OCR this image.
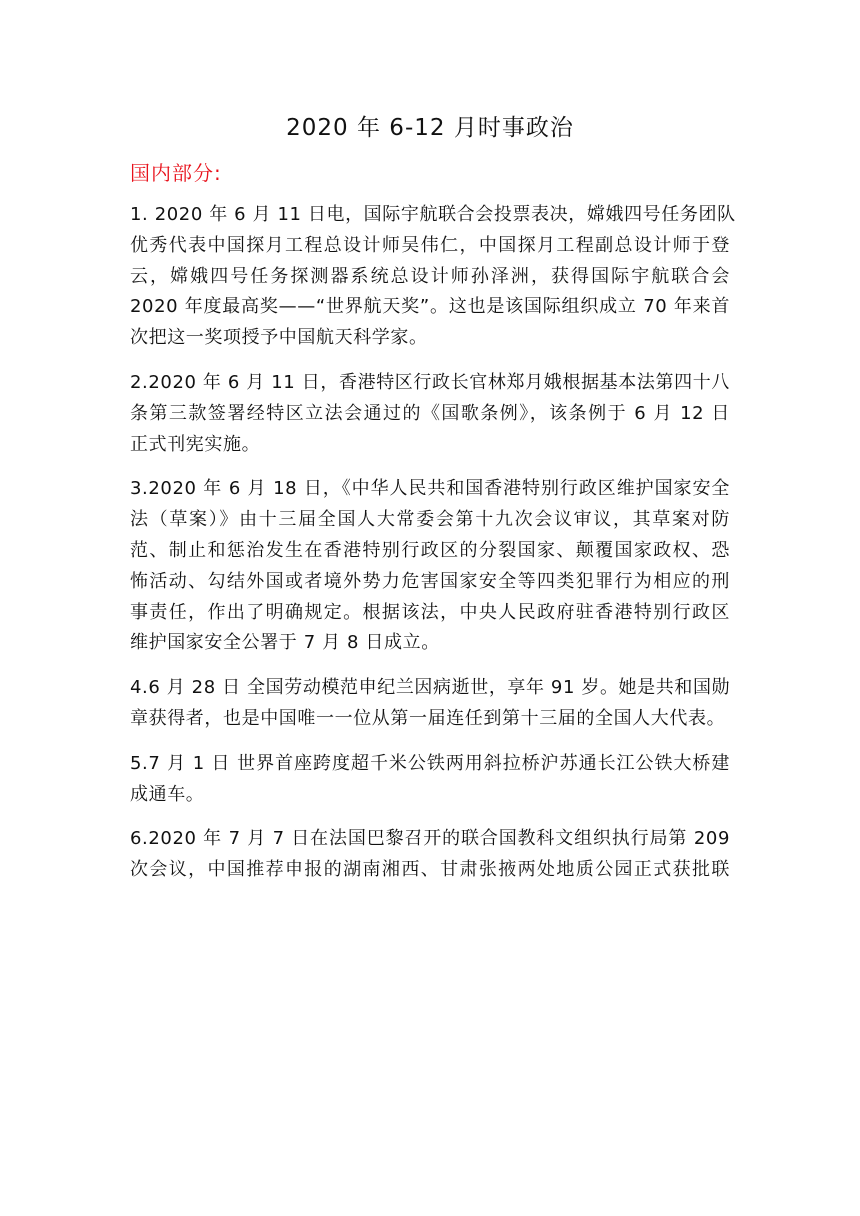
2020 年 6-12 月时事政治
国内部分:

1. 2020 年 6 月 11 日电，国际宇航联合会投票表决，嫦娥四号任务团队
优秀代表中国探月工程总设计师吴伟仁，中国探月工程副总设计师于登
云，嫦娥四号任务探测器系统总设计师孙泽洲，获得国际宇航联合会
2020 年度最高奖——“世界航天奖”。这也是该国际组织成立 70 年来首
次把这一奖项授予中国航天科学家。

2.2020 年 6 月 11 日，香港特区行政长官林郑月娥根据基本法第四十八
条第三款签署经特区立法会通过的《国歌条例》，该条例于 6 月 12 日
正式刊宪实施。

3.2020 年 6 月 18 日，《中华人民共和国香港特别行政区维护国家安全
法（草案）》由十三届全国人大常委会第十九次会议审议，其草案对防
范、制止和惩治发生在香港特别行政区的分裂国家、颠覆国家政权、恐
怖活动、勾结外国或者境外势力危害国家安全等四类犯罪行为相应的刑
事责任，作出了明确规定。根据该法，中央人民政府驻香港特别行政区
维护国家安全公署于 7 月 8 日成立。

4.6 月 28 日 全国劳动模范申纪兰因病逝世，享年 91 岁。她是共和国勋
章获得者，也是中国唯一一位从第一届连任到第十三届的全国人大代表。

5.7 月 1 日 世界首座跨度超千米公铁两用斜拉桥沪苏通长江公铁大桥建
成通车。

6.2020 年 7 月 7 日在法国巴黎召开的联合国教科文组织执行局第 209
次会议，中国推荐申报的湖南湘西、甘肃张掖两处地质公园正式获批联
